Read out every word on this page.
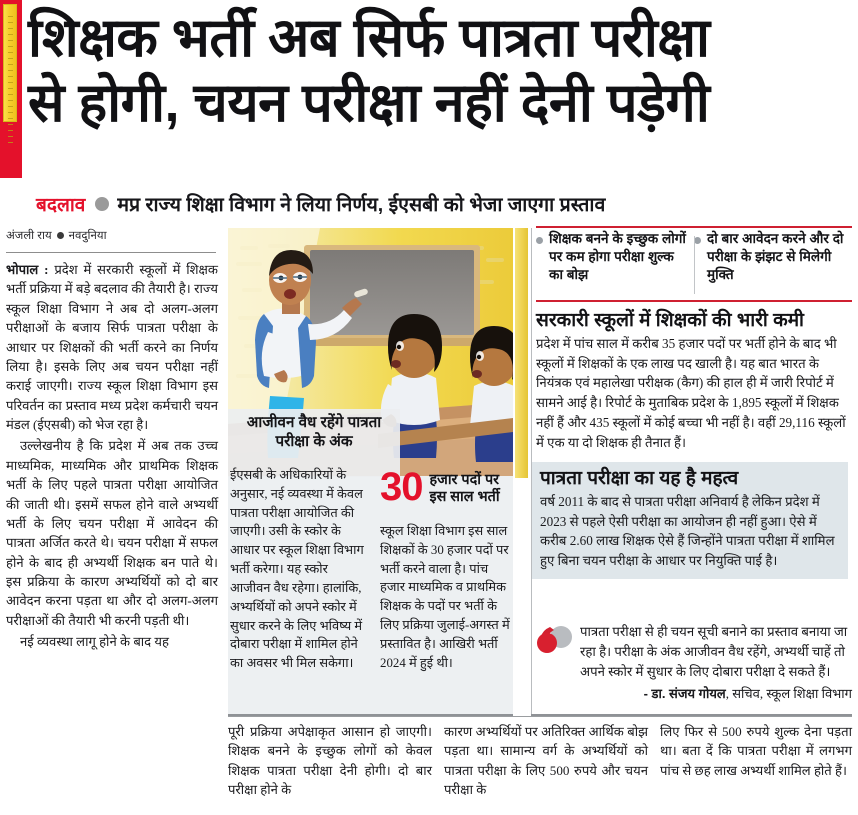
शिक्षक भर्ती अब सिर्फ पात्रता परीक्षा
से होगी, चयन परीक्षा नहीं देनी पड़ेगी
बदलाव मप्र राज्य शिक्षा विभाग ने लिया निर्णय, ईएसबी को भेजा जाएगा प्रस्ताव
अंजली राय नवदुनिया

भोपाल : प्रदेश में सरकारी स्कूलों में शिक्षक भर्ती प्रक्रिया में बड़े बदलाव की तैयारी है। राज्य स्कूल शिक्षा विभाग ने अब दो अलग-अलग परीक्षाओं के बजाय सिर्फ पात्रता परीक्षा के आधार पर शिक्षकों की भर्ती करने का निर्णय लिया है। इसके लिए अब चयन परीक्षा नहीं कराई जाएगी। राज्य स्कूल शिक्षा विभाग इस परिवर्तन का प्रस्ताव मध्य प्रदेश कर्मचारी चयन मंडल (ईएसबी) को भेज रहा है।

उल्लेखनीय है कि प्रदेश में अब तक उच्च माध्यमिक, माध्यमिक और प्राथमिक शिक्षक भर्ती के लिए पहले पात्रता परीक्षा आयोजित की जाती थी। इसमें सफल होने वाले अभ्यर्थी भर्ती के लिए चयन परीक्षा में आवेदन की पात्रता अर्जित करते थे। चयन परीक्षा में सफल होने के बाद ही अभ्यर्थी शिक्षक बन पाते थे। इस प्रक्रिया के कारण अभ्यर्थियों को दो बार आवेदन करना पड़ता था और दो अलग-अलग परीक्षाओं की तैयारी भी करनी पड़ती थी।

नई व्यवस्था लागू होने के बाद यह

आजीवन वैध रहेंगे पात्रता परीक्षा के अंक
ईएसबी के अधिकारियों के अनुसार, नई व्यवस्था में केवल पात्रता परीक्षा आयोजित की जाएगी। उसी के स्कोर के आधार पर स्कूल शिक्षा विभाग भर्ती करेगा। यह स्कोर आजीवन वैध रहेगा। हालांकि, अभ्यर्थियों को अपने स्कोर में सुधार करने के लिए भविष्य में दोबारा परीक्षा में शामिल होने का अवसर भी मिल सकेगा।
30 हजार पदों पर
इस साल भर्ती
स्कूल शिक्षा विभाग इस साल शिक्षकों के 30 हजार पदों पर भर्ती करने वाला है। पांच हजार माध्यमिक व प्राथमिक शिक्षक के पदों पर भर्ती के लिए प्रक्रिया जुलाई-अगस्त में प्रस्तावित है। आखिरी भर्ती 2024 में हुई थी।
शिक्षक बनने के इच्छुक लोगों पर कम होगा परीक्षा शुल्क का बोझ
दो बार आवेदन करने और दो परीक्षा के झंझट से मिलेगी मुक्ति
सरकारी स्कूलों में शिक्षकों की भारी कमी
प्रदेश में पांच साल में करीब 35 हजार पदों पर भर्ती होने के बाद भी स्कूलों में शिक्षकों के एक लाख पद खाली है। यह बात भारत के नियंत्रक एवं महालेखा परीक्षक (कैग) की हाल ही में जारी रिपोर्ट में सामने आई है। रिपोर्ट के मुताबिक प्रदेश के 1,895 स्कूलों में शिक्षक नहीं हैं और 435 स्कूलों में कोई बच्चा भी नहीं है। वहीं 29,116 स्कूलों में एक या दो शिक्षक ही तैनात हैं।
पात्रता परीक्षा का यह है महत्व
वर्ष 2011 के बाद से पात्रता परीक्षा अनिवार्य है लेकिन प्रदेश में 2023 से पहले ऐसी परीक्षा का आयोजन ही नहीं हुआ। ऐसे में करीब 2.60 लाख शिक्षक ऐसे हैं जिन्होंने पात्रता परीक्षा में शामिल हुए बिना चयन परीक्षा के आधार पर नियुक्ति पाई है।
पात्रता परीक्षा से ही चयन सूची बनाने का प्रस्ताव बनाया जा रहा है। परीक्षा के अंक आजीवन वैध रहेंगे, अभ्यर्थी चाहें तो अपने स्कोर में सुधार के लिए दोबारा परीक्षा दे सकते हैं।
- डा. संजय गोयल, सचिव, स्कूल शिक्षा विभाग
पूरी प्रक्रिया अपेक्षाकृत आसान हो जाएगी। शिक्षक बनने के इच्छुक लोगों को केवल शिक्षक पात्रता परीक्षा देनी होगी। दो बार परीक्षा होने के
कारण अभ्यर्थियों पर अतिरिक्त आर्थिक बोझ पड़ता था। सामान्य वर्ग के अभ्यर्थियों को पात्रता परीक्षा के लिए 500 रुपये और चयन परीक्षा के
लिए फिर से 500 रुपये शुल्क देना पड़ता था। बता दें कि पात्रता परीक्षा में लगभग पांच से छह लाख अभ्यर्थी शामिल होते हैं।
